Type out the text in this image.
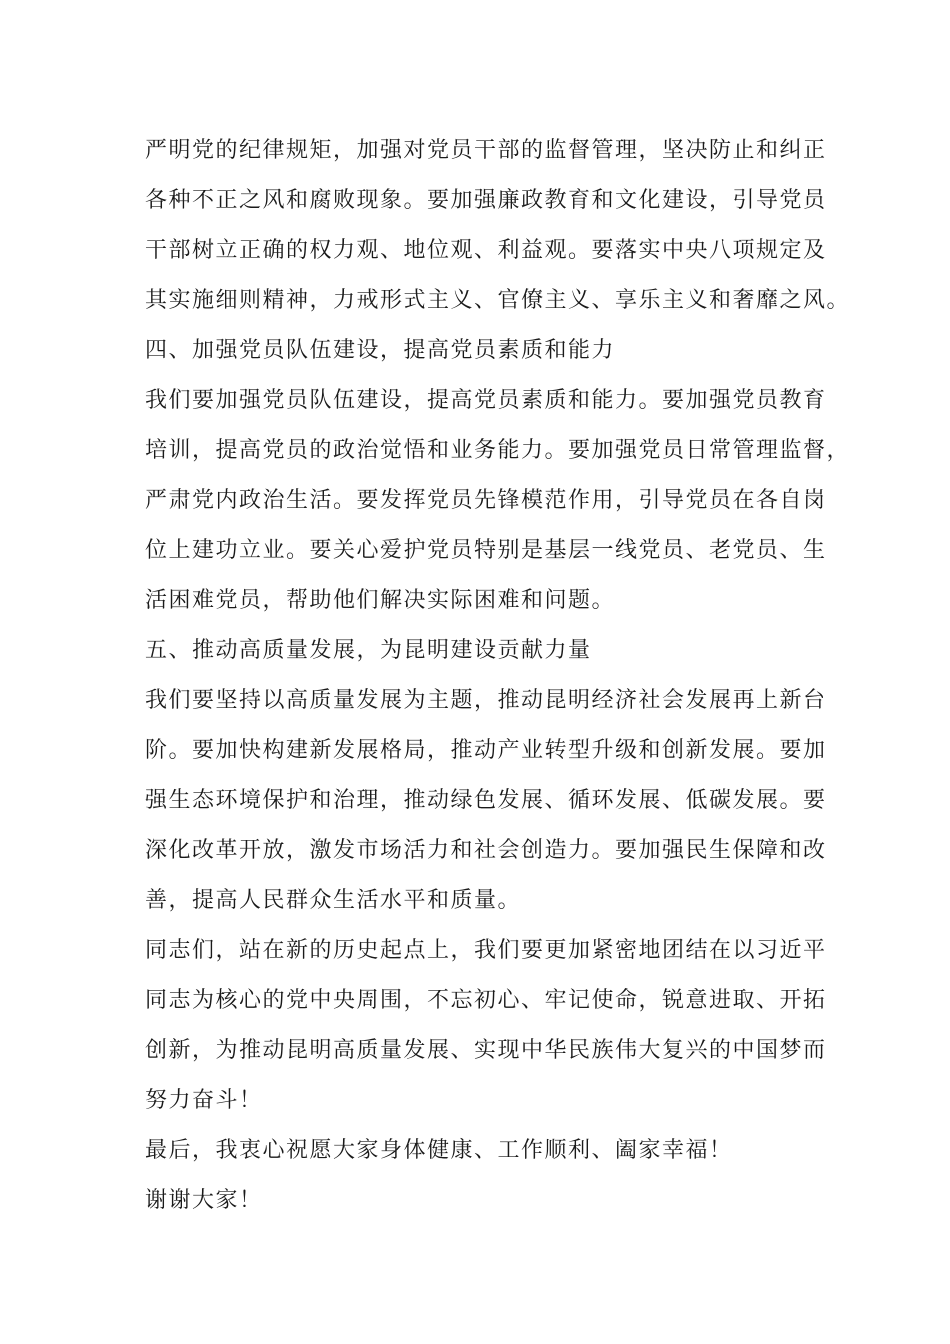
严明党的纪律规矩，加强对党员干部的监督管理，坚决防止和纠正
各种不正之风和腐败现象。要加强廉政教育和文化建设，引导党员
干部树立正确的权力观、地位观、利益观。要落实中央八项规定及
其实施细则精神，力戒形式主义、官僚主义、享乐主义和奢靡之风。
四、加强党员队伍建设，提高党员素质和能力
我们要加强党员队伍建设，提高党员素质和能力。要加强党员教育
培训，提高党员的政治觉悟和业务能力。要加强党员日常管理监督，
严肃党内政治生活。要发挥党员先锋模范作用，引导党员在各自岗
位上建功立业。要关心爱护党员特别是基层一线党员、老党员、生
活困难党员，帮助他们解决实际困难和问题。
五、推动高质量发展，为昆明建设贡献力量
我们要坚持以高质量发展为主题，推动昆明经济社会发展再上新台
阶。要加快构建新发展格局，推动产业转型升级和创新发展。要加
强生态环境保护和治理，推动绿色发展、循环发展、低碳发展。要
深化改革开放，激发市场活力和社会创造力。要加强民生保障和改
善，提高人民群众生活水平和质量。
同志们，站在新的历史起点上，我们要更加紧密地团结在以习近平
同志为核心的党中央周围，不忘初心、牢记使命，锐意进取、开拓
创新，为推动昆明高质量发展、实现中华民族伟大复兴的中国梦而
努力奋斗！
最后，我衷心祝愿大家身体健康、工作顺利、阖家幸福！
谢谢大家！
